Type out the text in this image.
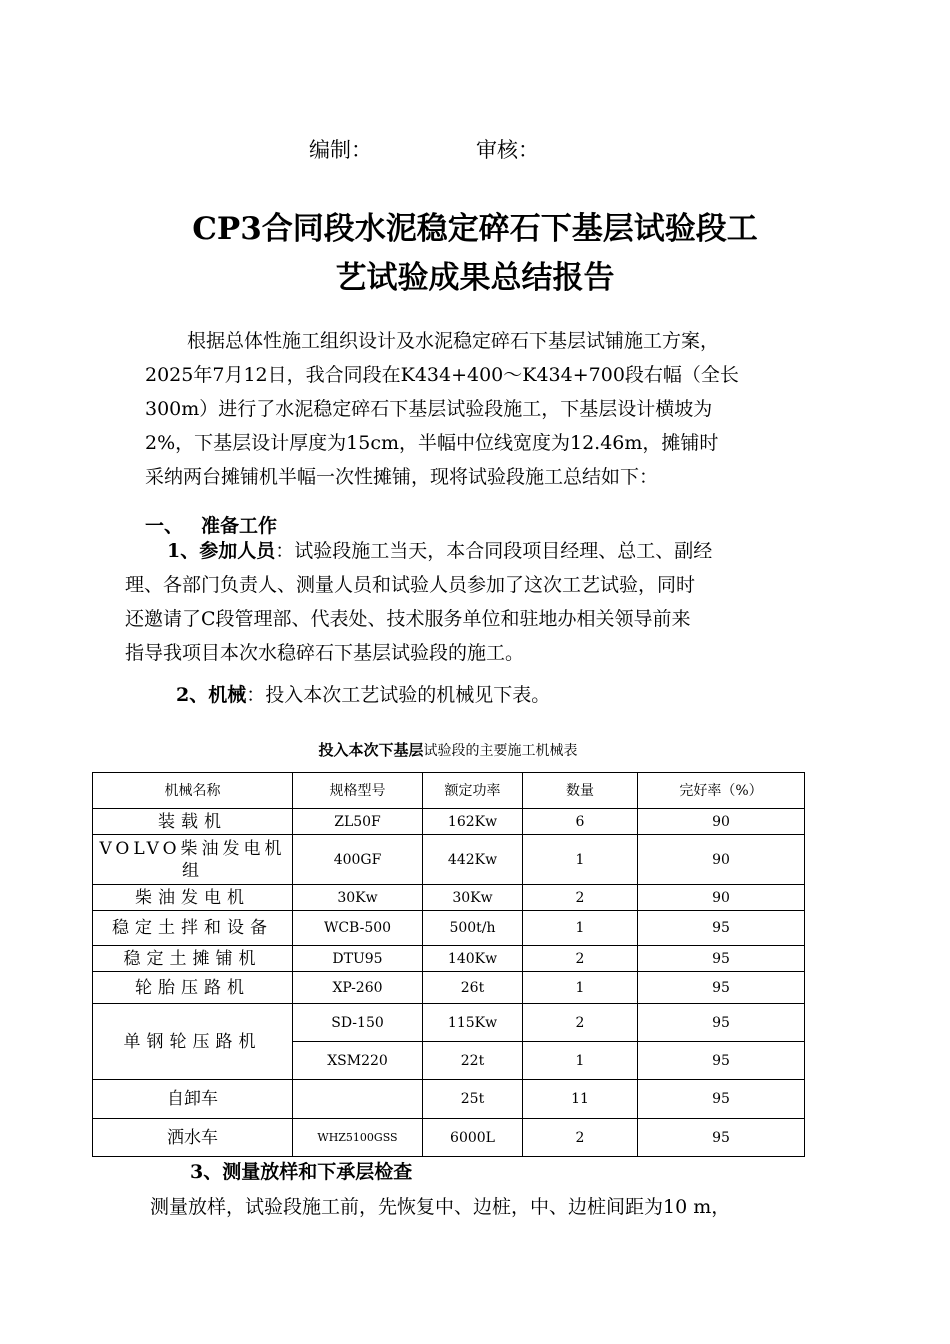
编制：	审核：
CP3合同段水泥稳定碎石下基层试验段工
艺试验成果总结报告

根据总体性施工组织设计及水泥稳定碎石下基层试铺施工方案，

2025年7月12日，我合同段在K434+400～K434+700段右幅（全长

300m）进行了水泥稳定碎石下基层试验段施工，下基层设计横坡为

2%，下基层设计厚度为15cm，半幅中位线宽度为12.46m，摊铺时

采纳两台摊铺机半幅一次性摊铺，现将试验段施工总结如下：

一、 准备工作

1、参加人员：试验段施工当天，本合同段项目经理、总工、副经

理、各部门负责人、测量人员和试验人员参加了这次工艺试验，同时

还邀请了C段管理部、代表处、技术服务单位和驻地办相关领导前来

指导我项目本次水稳碎石下基层试验段的施工。

2、机械：投入本次工艺试验的机械见下表。
投入本次下基层试验段的主要施工机械表
机械名称	规格型号	额定功率	数量	完好率（%）
装载机	ZL50F	162Kw	6	90
VOLVO柴油发电机组	400GF	442Kw	1	90
柴油发电机	30Kw	30Kw	2	90
稳定土拌和设备	WCB-500	500t/h	1	95
稳定土摊铺机	DTU95	140Kw	2	95
轮胎压路机	XP-260	26t	1	95
单钢轮压路机	SD-150	115Kw	2	95
	XSM220	22t	1	95
自卸车		25t	11	95
洒水车	WHZ5100GSS	6000L	2	95
3、测量放样和下承层检查
测量放样，试验段施工前，先恢复中、边桩，中、边桩间距为10 m，
